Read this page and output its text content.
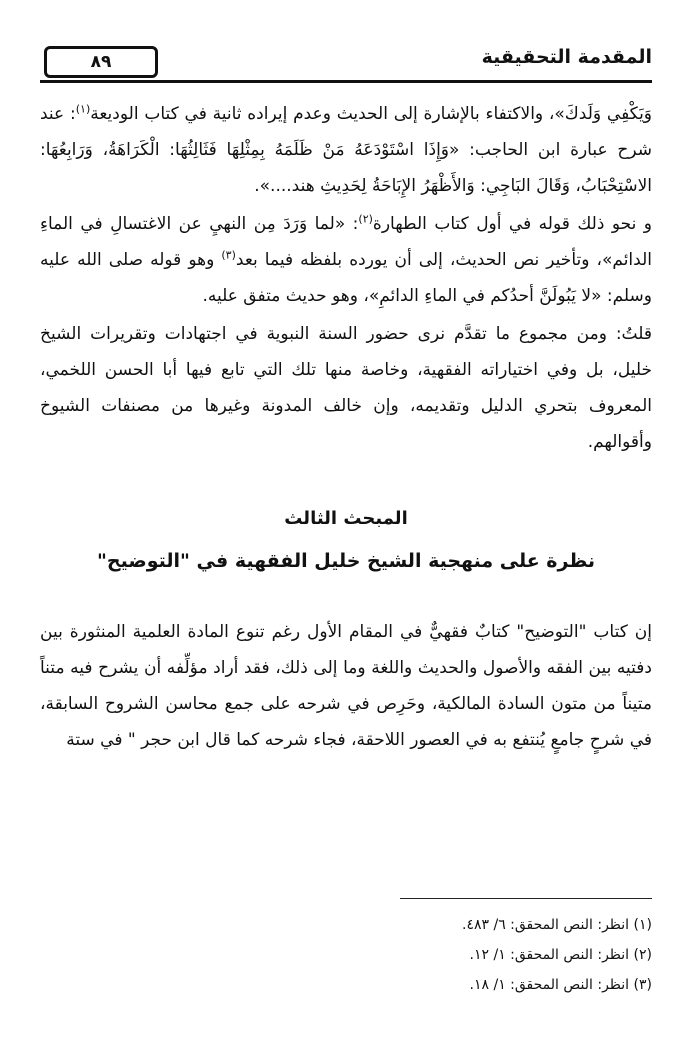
المقدمة التحقيقية
٨٩

وَيَكْفِي وَلَدكَ»، والاكتفاء بالإشارة إلى الحديث وعدم إيراده ثانية في كتاب الوديعة$^{(١)}$: عند شرح عبارة ابن الحاجب: «وَإِذَا اسْتَوْدَعَهُ مَنْ ظَلَمَهُ بِمِثْلِهَا فَثَالِثُهَا: الْكَرَاهَةُ، وَرَابِعُهَا: الاسْتِحْبَابُ، وَقَالَ البَاجِي: وَالأَظْهَرُ الإِبَاحَةُ لِحَدِيثِ هند....».

و نحو ذلك قوله في أول كتاب الطهارة$^{(٢)}$: «لما وَرَدَ مِن النهيِ عن الاغتسالِ في الماءِ الدائم»، وتأخير نص الحديث، إلى أن يورده بلفظه فيما بعد$^{(٣)}$ وهو قوله صلى الله عليه وسلم: «لا يَبُولَنَّ أحدُكم في الماءِ الدائمِ»، وهو حديث متفق عليه.

قلتُ: ومن مجموع ما تقدَّم نرى حضور السنة النبوية في اجتهادات وتقريرات الشيخ خليل، بل وفي اختياراته الفقهية، وخاصة منها تلك التي تابع فيها أبا الحسن اللخمي، المعروف بتحري الدليل وتقديمه، وإن خالف المدونة وغيرها من مصنفات الشيوخ وأقوالهم.

المبحث الثالث

نظرة على منهجية الشيخ خليل الفقهية في "التوضيح"

إن كتاب "التوضيح" كتابٌ فقهيٌّ في المقام الأول رغم تنوع المادة العلمية المنثورة بين دفتيه بين الفقه والأصول والحديث واللغة وما إلى ذلك، فقد أراد مؤلِّفه أن يشرح فيه متناً متيناً من متون السادة المالكية، وحَرِص في شرحه على جمع محاسن الشروح السابقة، في شرحٍ جامعٍ يُنتفع به في العصور اللاحقة، فجاء شرحه كما قال ابن حجر " في ستة

(١) انظر: النص المحقق: ٦/ ٤٨٣.

(٢) انظر: النص المحقق: ١/ ١٢.

(٣) انظر: النص المحقق: ١/ ١٨.
